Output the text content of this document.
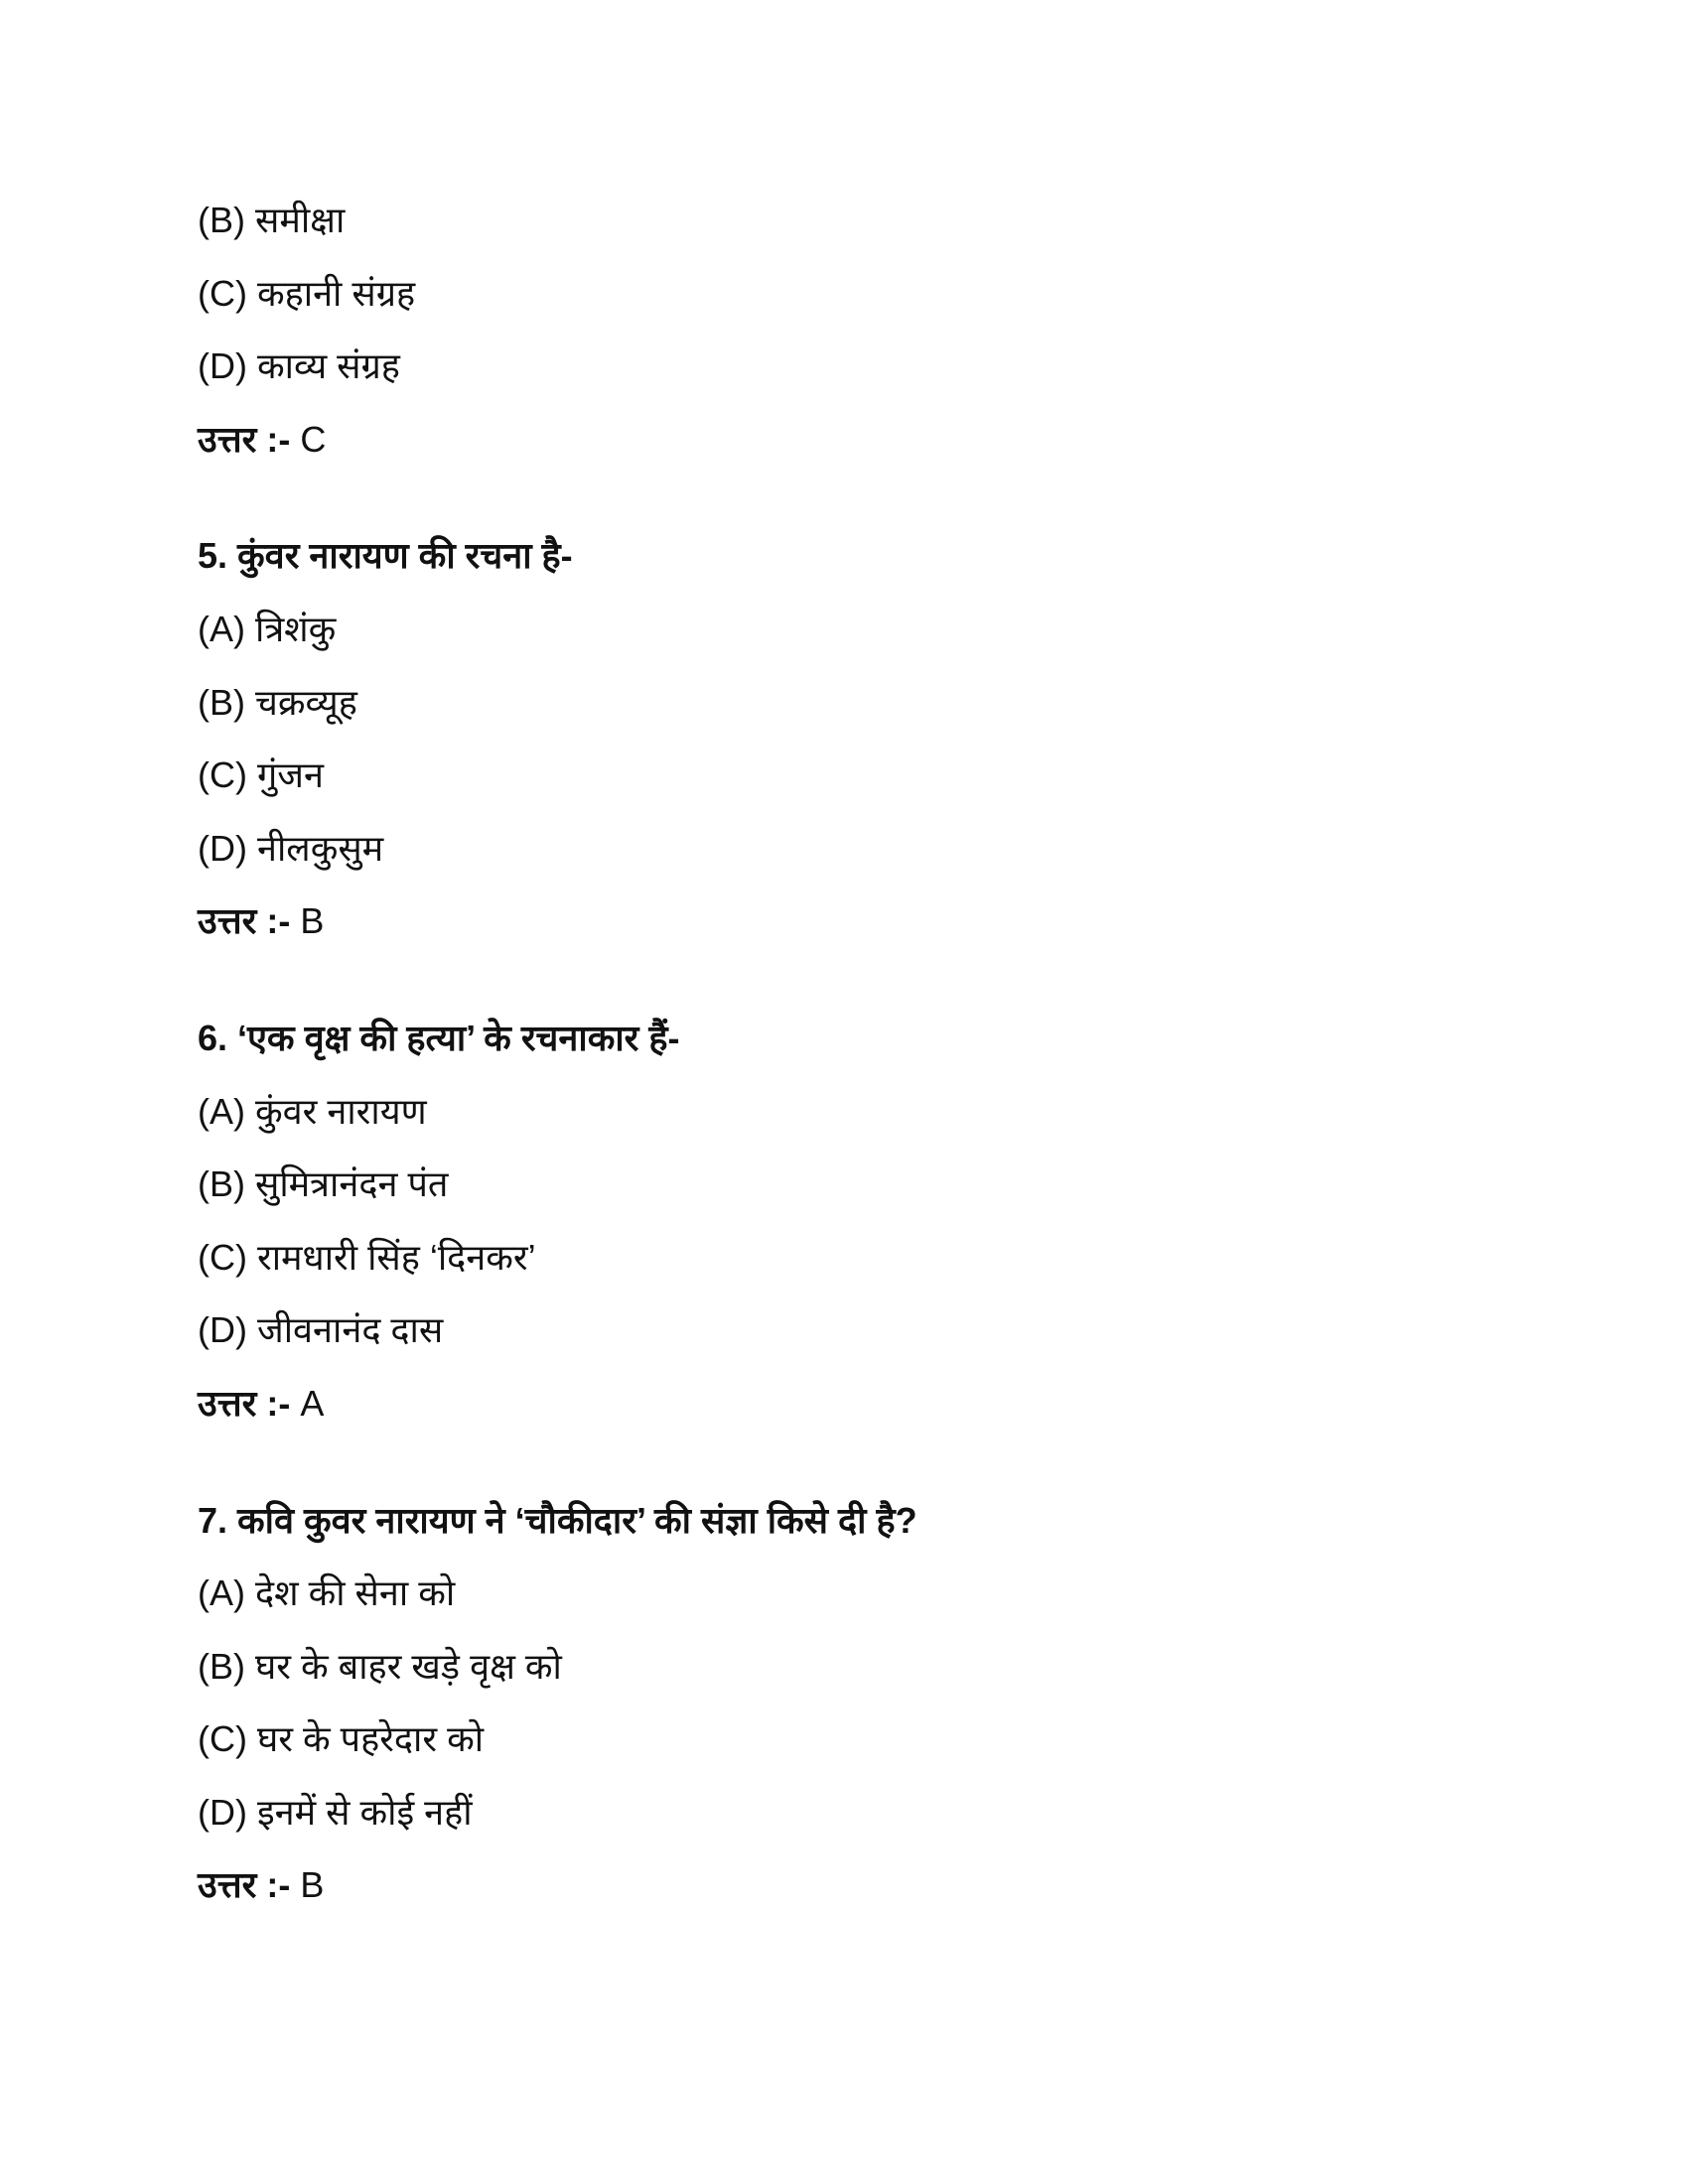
(B) समीक्षा
(C) कहानी संग्रह
(D) काव्य संग्रह
उत्तर :- C
5. कुंवर नारायण की रचना है-
(A) त्रिशंकु
(B) चक्रव्यूह
(C) गुंजन
(D) नीलकुसुम
उत्तर :- B
6. ‘एक वृक्ष की हत्या’ के रचनाकार हैं-
(A) कुंवर नारायण
(B) सुमित्रानंदन पंत
(C) रामधारी सिंह ‘दिनकर’
(D) जीवनानंद दास
उत्तर :- A
7. कवि कुवर नारायण ने ‘चौकीदार’ की संज्ञा किसे दी है?
(A) देश की सेना को
(B) घर के बाहर खड़े वृक्ष को
(C) घर के पहरेदार को
(D) इनमें से कोई नहीं
उत्तर :- B
